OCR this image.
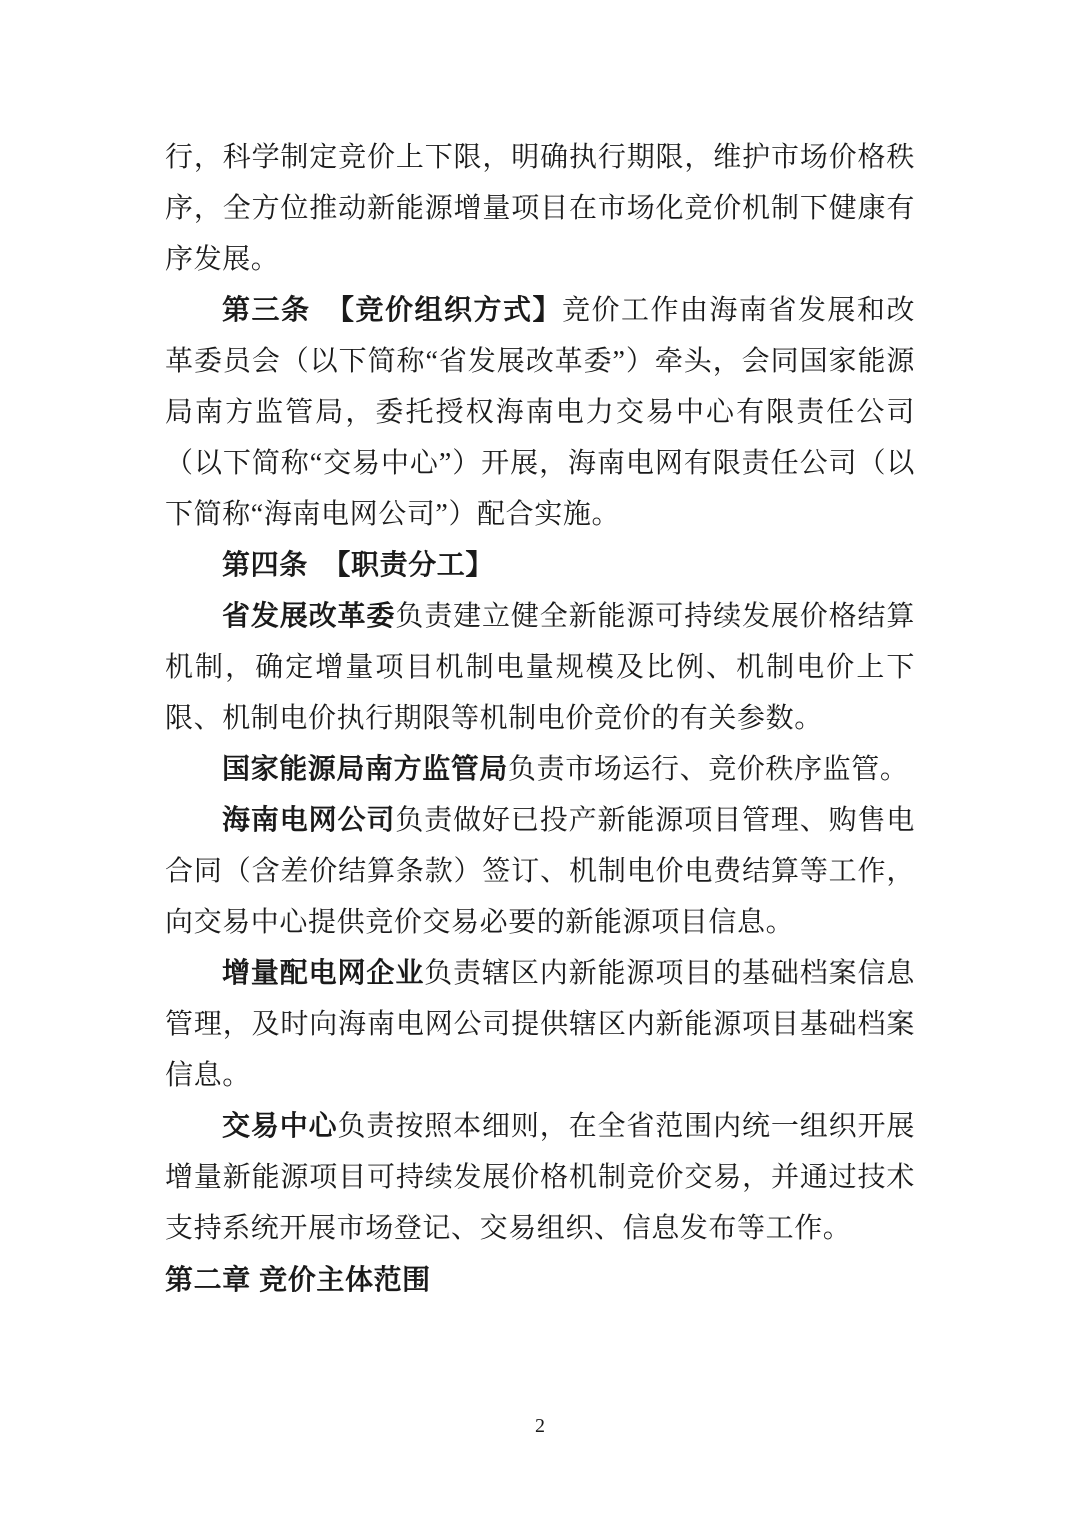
行，科学制定竞价上下限，明确执行期限，维护市场价格秩序，全方位推动新能源增量项目在市场化竞价机制下健康有序发展。

第三条　【竞价组织方式】竞价工作由海南省发展和改革委员会（以下简称“省发展改革委”）牵头，会同国家能源局南方监管局，委托授权海南电力交易中心有限责任公司（以下简称“交易中心”）开展，海南电网有限责任公司（以下简称“海南电网公司”）配合实施。

第四条　【职责分工】

省发展改革委负责建立健全新能源可持续发展价格结算机制，确定增量项目机制电量规模及比例、机制电价上下限、机制电价执行期限等机制电价竞价的有关参数。

国家能源局南方监管局负责市场运行、竞价秩序监管。

海南电网公司负责做好已投产新能源项目管理、购售电合同（含差价结算条款）签订、机制电价电费结算等工作，向交易中心提供竞价交易必要的新能源项目信息。

增量配电网企业负责辖区内新能源项目的基础档案信息管理，及时向海南电网公司提供辖区内新能源项目基础档案信息。

交易中心负责按照本细则，在全省范围内统一组织开展增量新能源项目可持续发展价格机制竞价交易，并通过技术支持系统开展市场登记、交易组织、信息发布等工作。

第二章 竞价主体范围

2
